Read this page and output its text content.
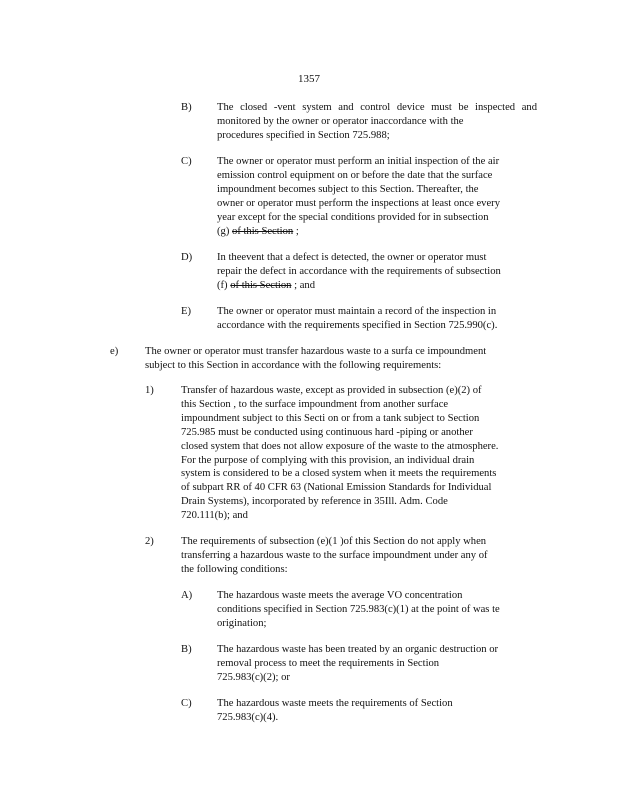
1357
B) The closed -vent system and control device must be inspected and
monitored by the owner or operator inaccordance with the
procedures specified in Section 725.988;
C) The owner or operator must perform an initial inspection of the air
emission control equipment on or before the date that the surface
impoundment becomes subject to this Section. Thereafter, the
owner or operator must perform the inspections at least once every
year except for the special conditions provided for in subsection
(g) of this Section ;
D) In theevent that a defect is detected, the owner or operator must
repair the defect in accordance with the requirements of subsection
(f) of this Section ; and
E) The owner or operator must maintain a record of the inspection in
accordance with the requirements specified in Section 725.990(c).
e)	The owner or operator must transfer hazardous waste to a surfa ce impoundment
subject to this Section in accordance with the following requirements:
1)	Transfer of hazardous waste, except as provided in subsection (e)(2) of
this Section , to the surface impoundment from another surface
impoundment subject to this Secti on or from a tank subject to Section
725.985 must be conducted using continuous hard -piping or another
closed system that does not allow exposure of the waste to the atmosphere.
For the purpose of complying with this provision, an individual drain
system is considered to be a closed system when it meets the requirements
of subpart RR of 40 CFR 63 (National Emission Standards for Individual
Drain Systems), incorporated by reference in 35Ill. Adm. Code
720.111(b); and
2)	The requirements of subsection (e)(1 )of this Section do not apply when
transferring a hazardous waste to the surface impoundment under any of
the following conditions:
A) The hazardous waste meets the average VO concentration
conditions specified in Section 725.983(c)(1) at the point of was te
origination;
B) The hazardous waste has been treated by an organic destruction or
removal process to meet the requirements in Section
725.983(c)(2); or
C) The hazardous waste meets the requirements of Section
725.983(c)(4).
